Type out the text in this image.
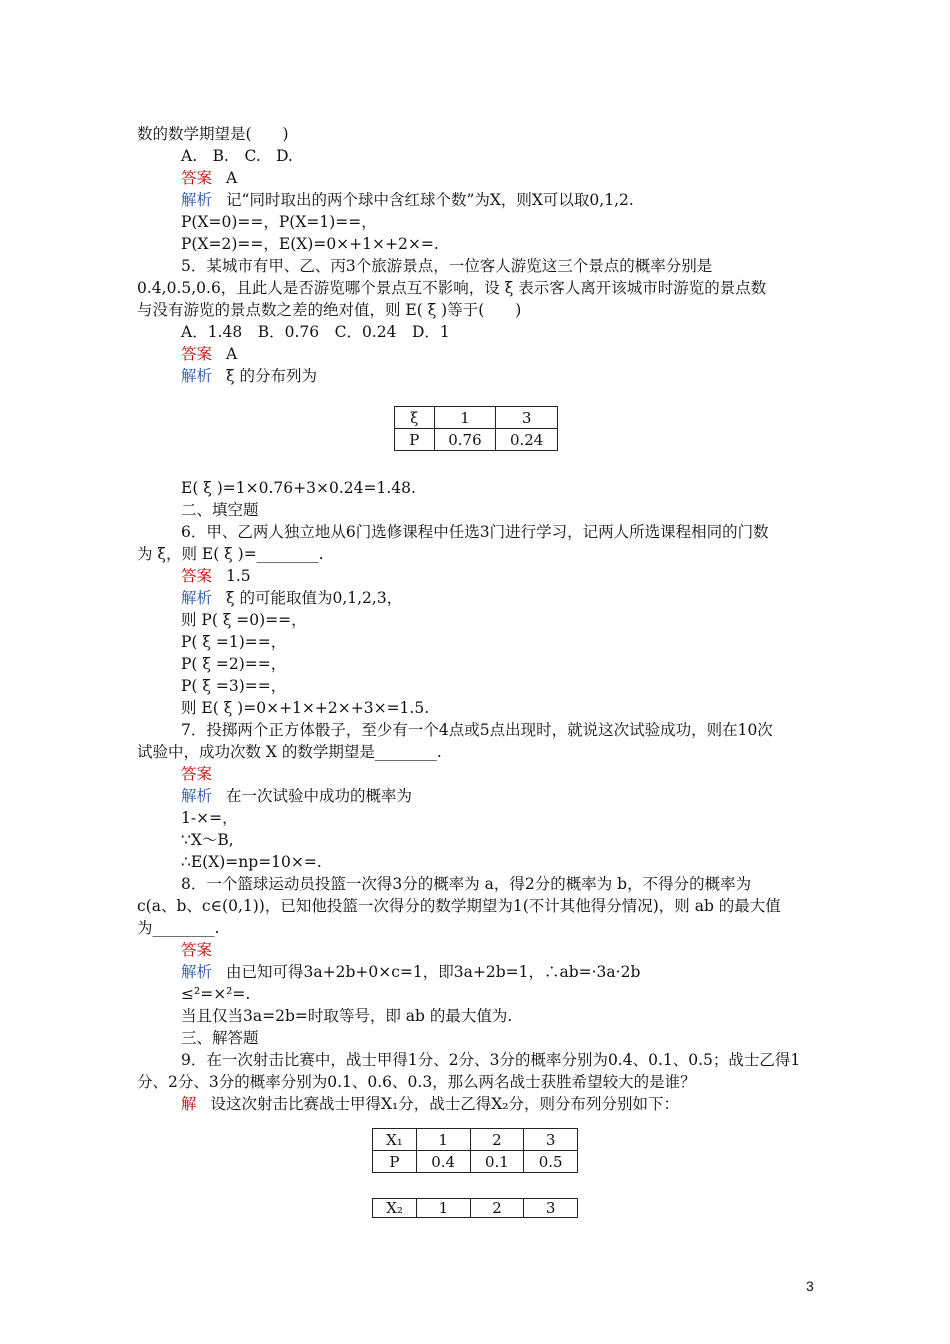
数的数学期望是(　　)
A.　B.　C.　D.
答案 A
解析 记“同时取出的两个球中含红球个数”为X，则X可以取0,1,2.
P(X=0)==，P(X=1)==，
P(X=2)==，E(X)=0×+1×+2×=.
5．某城市有甲、乙、丙3个旅游景点，一位客人游览这三个景点的概率分别是
0.4,0.5,0.6，且此人是否游览哪个景点互不影响，设 ξ 表示客人离开该城市时游览的景点数
与没有游览的景点数之差的绝对值，则 E( ξ )等于(　　)
A．1.48　B．0.76　C．0.24　D．1
答案 A
解析 ξ 的分布列为
E( ξ )=1×0.76+3×0.24=1.48.
二、填空题
6．甲、乙两人独立地从6门选修课程中任选3门进行学习，记两人所选课程相同的门数
为 ξ，则 E( ξ )=________.
答案 1.5
解析 ξ 的可能取值为0,1,2,3，
则 P( ξ =0)==，
P( ξ =1)==，
P( ξ =2)==，
P( ξ =3)==，
则 E( ξ )=0×+1×+2×+3×=1.5.
7．投掷两个正方体骰子，至少有一个4点或5点出现时，就说这次试验成功，则在10次
试验中，成功次数 X 的数学期望是________.
答案
解析 在一次试验中成功的概率为
1-×=，
∵X～B,
∴E(X)=np=10×=.
8．一个篮球运动员投篮一次得3分的概率为 a，得2分的概率为 b，不得分的概率为
c(a、b、c∈(0,1))，已知他投篮一次得分的数学期望为1(不计其他得分情况)，则 ab 的最大值
为________.
答案
解析 由已知可得3a+2b+0×c=1，即3a+2b=1，∴ab=·3a·2b
≤²=×²=.
当且仅当3a=2b=时取等号，即 ab 的最大值为.
三、解答题
9．在一次射击比赛中，战士甲得1分、2分、3分的概率分别为0.4、0.1、0.5；战士乙得1
分、2分、3分的概率分别为0.1、0.6、0.3，那么两名战士获胜希望较大的是谁？
解 设这次射击比赛战士甲得X₁分，战士乙得X₂分，则分布列分别如下：
ξ	1	3
P	0.76	0.24
X₁	1	2	3
P	0.4	0.1	0.5
X₂	1	2	3
3
